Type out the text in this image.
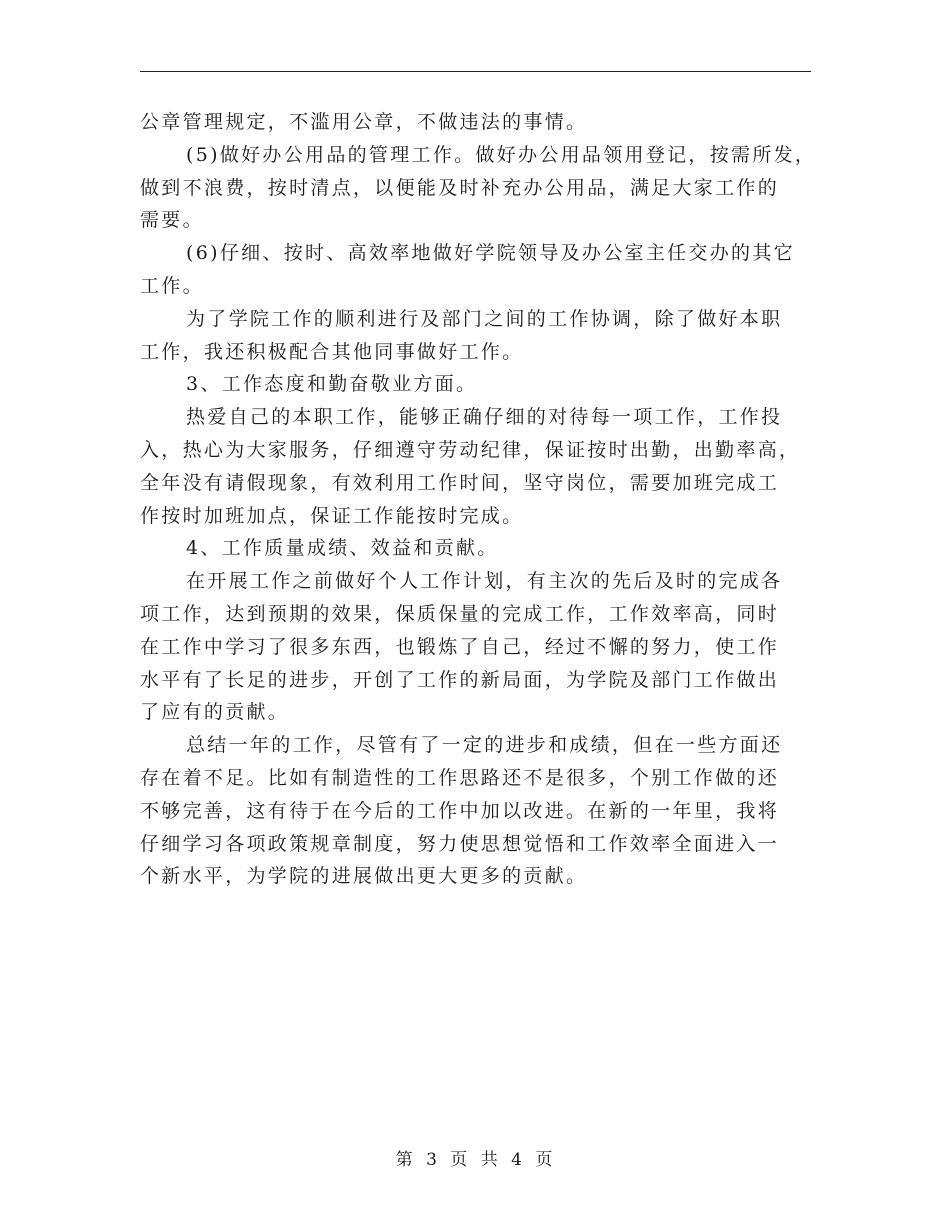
公章管理规定，不滥用公章，不做违法的事情。
(5)做好办公用品的管理工作。做好办公用品领用登记，按需所发，
做到不浪费，按时清点，以便能及时补充办公用品，满足大家工作的
需要。
(6)仔细、按时、高效率地做好学院领导及办公室主任交办的其它
工作。
为了学院工作的顺利进行及部门之间的工作协调，除了做好本职
工作，我还积极配合其他同事做好工作。
3、工作态度和勤奋敬业方面。
热爱自己的本职工作，能够正确仔细的对待每一项工作，工作投
入，热心为大家服务，仔细遵守劳动纪律，保证按时出勤，出勤率高，
全年没有请假现象，有效利用工作时间，坚守岗位，需要加班完成工
作按时加班加点，保证工作能按时完成。
4、工作质量成绩、效益和贡献。
在开展工作之前做好个人工作计划，有主次的先后及时的完成各
项工作，达到预期的效果，保质保量的完成工作，工作效率高，同时
在工作中学习了很多东西，也锻炼了自己，经过不懈的努力，使工作
水平有了长足的进步，开创了工作的新局面，为学院及部门工作做出
了应有的贡献。
总结一年的工作，尽管有了一定的进步和成绩，但在一些方面还
存在着不足。比如有制造性的工作思路还不是很多，个别工作做的还
不够完善，这有待于在今后的工作中加以改进。在新的一年里，我将
仔细学习各项政策规章制度，努力使思想觉悟和工作效率全面进入一
个新水平，为学院的进展做出更大更多的贡献。
第 3 页 共 4 页
